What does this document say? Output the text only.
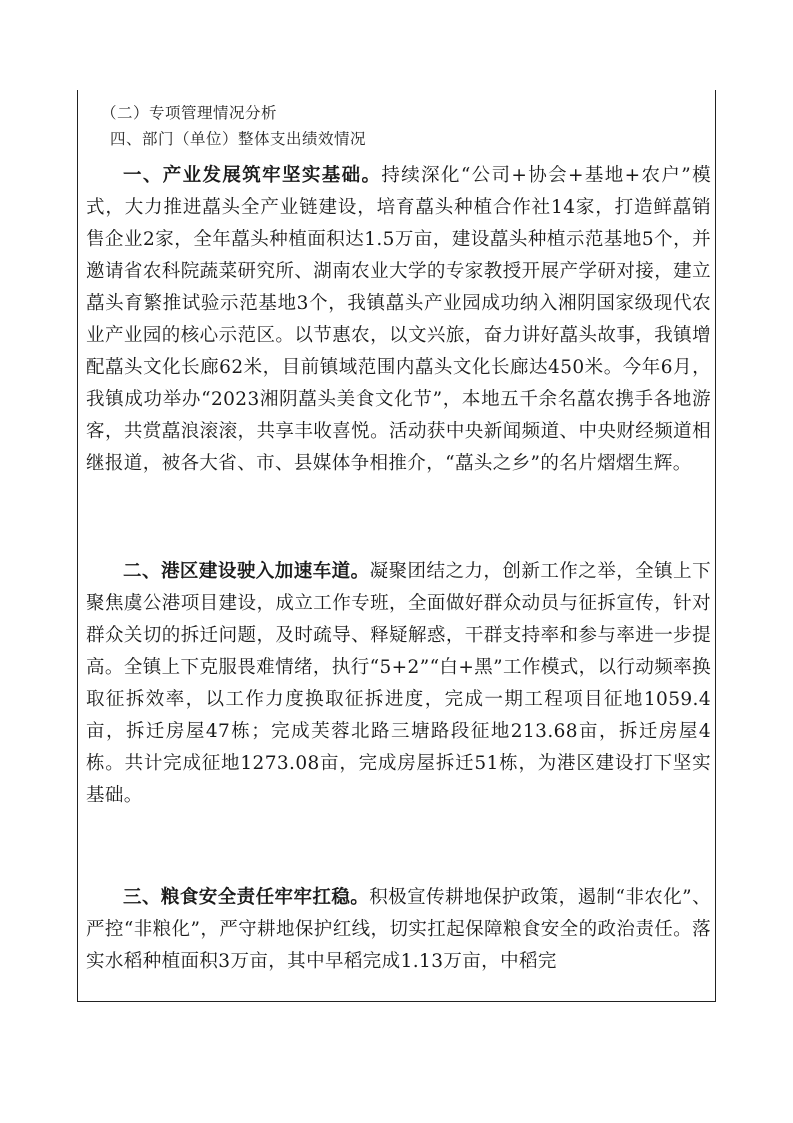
（二）专项管理情况分析
四、部门（单位）整体支出绩效情况

一、产业发展筑牢坚实基础。持续深化“公司+协会+基地+农户”模式，大力推进藠头全产业链建设，培育藠头种植合作社14家，打造鲜藠销售企业2家，全年藠头种植面积达1.5万亩，建设藠头种植示范基地5个，并邀请省农科院蔬菜研究所、湖南农业大学的专家教授开展产学研对接，建立藠头育繁推试验示范基地3个，我镇藠头产业园成功纳入湘阴国家级现代农业产业园的核心示范区。以节惠农，以文兴旅，奋力讲好藠头故事，我镇增配藠头文化长廊62米，目前镇域范围内藠头文化长廊达450米。今年6月，我镇成功举办“2023湘阴藠头美食文化节”，本地五千余名藠农携手各地游客，共赏藠浪滚滚，共享丰收喜悦。活动获中央新闻频道、中央财经频道相继报道，被各大省、市、县媒体争相推介，“藠头之乡”的名片熠熠生辉。

二、港区建设驶入加速车道。凝聚团结之力，创新工作之举，全镇上下聚焦虞公港项目建设，成立工作专班，全面做好群众动员与征拆宣传，针对群众关切的拆迁问题，及时疏导、释疑解惑，干群支持率和参与率进一步提高。全镇上下克服畏难情绪，执行“5+2”“白+黑”工作模式，以行动频率换取征拆效率，以工作力度换取征拆进度，完成一期工程项目征地1059.4亩，拆迁房屋47栋；完成芙蓉北路三塘路段征地213.68亩，拆迁房屋4栋。共计完成征地1273.08亩，完成房屋拆迁51栋，为港区建设打下坚实基础。

三、粮食安全责任牢牢扛稳。积极宣传耕地保护政策，遏制“非农化”、严控“非粮化”，严守耕地保护红线，切实扛起保障粮食安全的政治责任。落实水稻种植面积3万亩，其中早稻完成1.13万亩，中稻完
